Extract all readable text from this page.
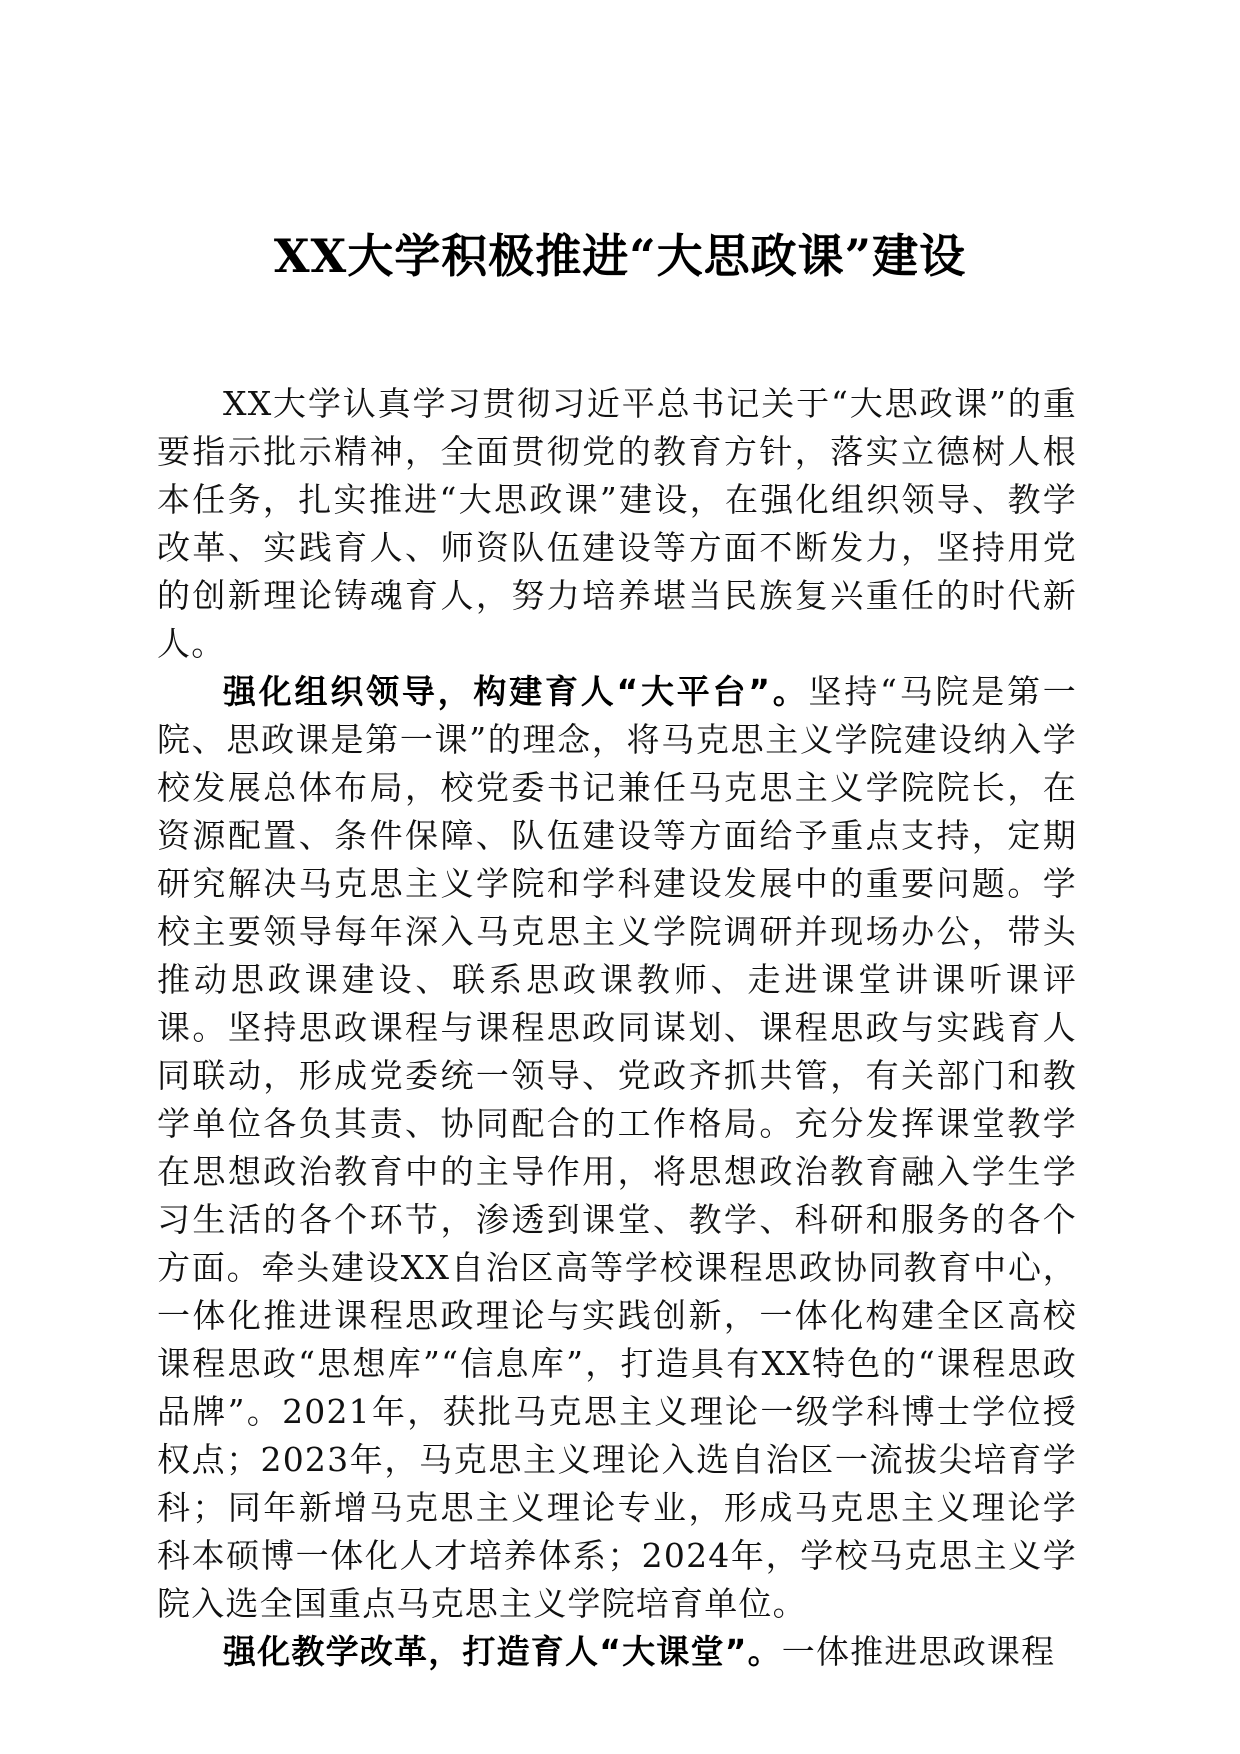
XX大学积极推进“大思政课”建设

XX大学认真学习贯彻习近平总书记关于“大思政课”的重要指示批示精神，全面贯彻党的教育方针，落实立德树人根本任务，扎实推进“大思政课”建设，在强化组织领导、教学改革、实践育人、师资队伍建设等方面不断发力，坚持用党的创新理论铸魂育人，努力培养堪当民族复兴重任的时代新人。

强化组织领导，构建育人“大平台”。坚持“马院是第一院、思政课是第一课”的理念，将马克思主义学院建设纳入学校发展总体布局，校党委书记兼任马克思主义学院院长，在资源配置、条件保障、队伍建设等方面给予重点支持，定期研究解决马克思主义学院和学科建设发展中的重要问题。学校主要领导每年深入马克思主义学院调研并现场办公，带头推动思政课建设、联系思政课教师、走进课堂讲课听课评课。坚持思政课程与课程思政同谋划、课程思政与实践育人同联动，形成党委统一领导、党政齐抓共管，有关部门和教学单位各负其责、协同配合的工作格局。充分发挥课堂教学在思想政治教育中的主导作用，将思想政治教育融入学生学习生活的各个环节，渗透到课堂、教学、科研和服务的各个方面。牵头建设XX自治区高等学校课程思政协同教育中心，一体化推进课程思政理论与实践创新，一体化构建全区高校课程思政“思想库”“信息库”，打造具有XX特色的“课程思政品牌”。2021年，获批马克思主义理论一级学科博士学位授权点；2023年，马克思主义理论入选自治区一流拔尖培育学科；同年新增马克思主义理论专业，形成马克思主义理论学科本硕博一体化人才培养体系；2024年，学校马克思主义学院入选全国重点马克思主义学院培育单位。

强化教学改革，打造育人“大课堂”。一体推进思政课程
